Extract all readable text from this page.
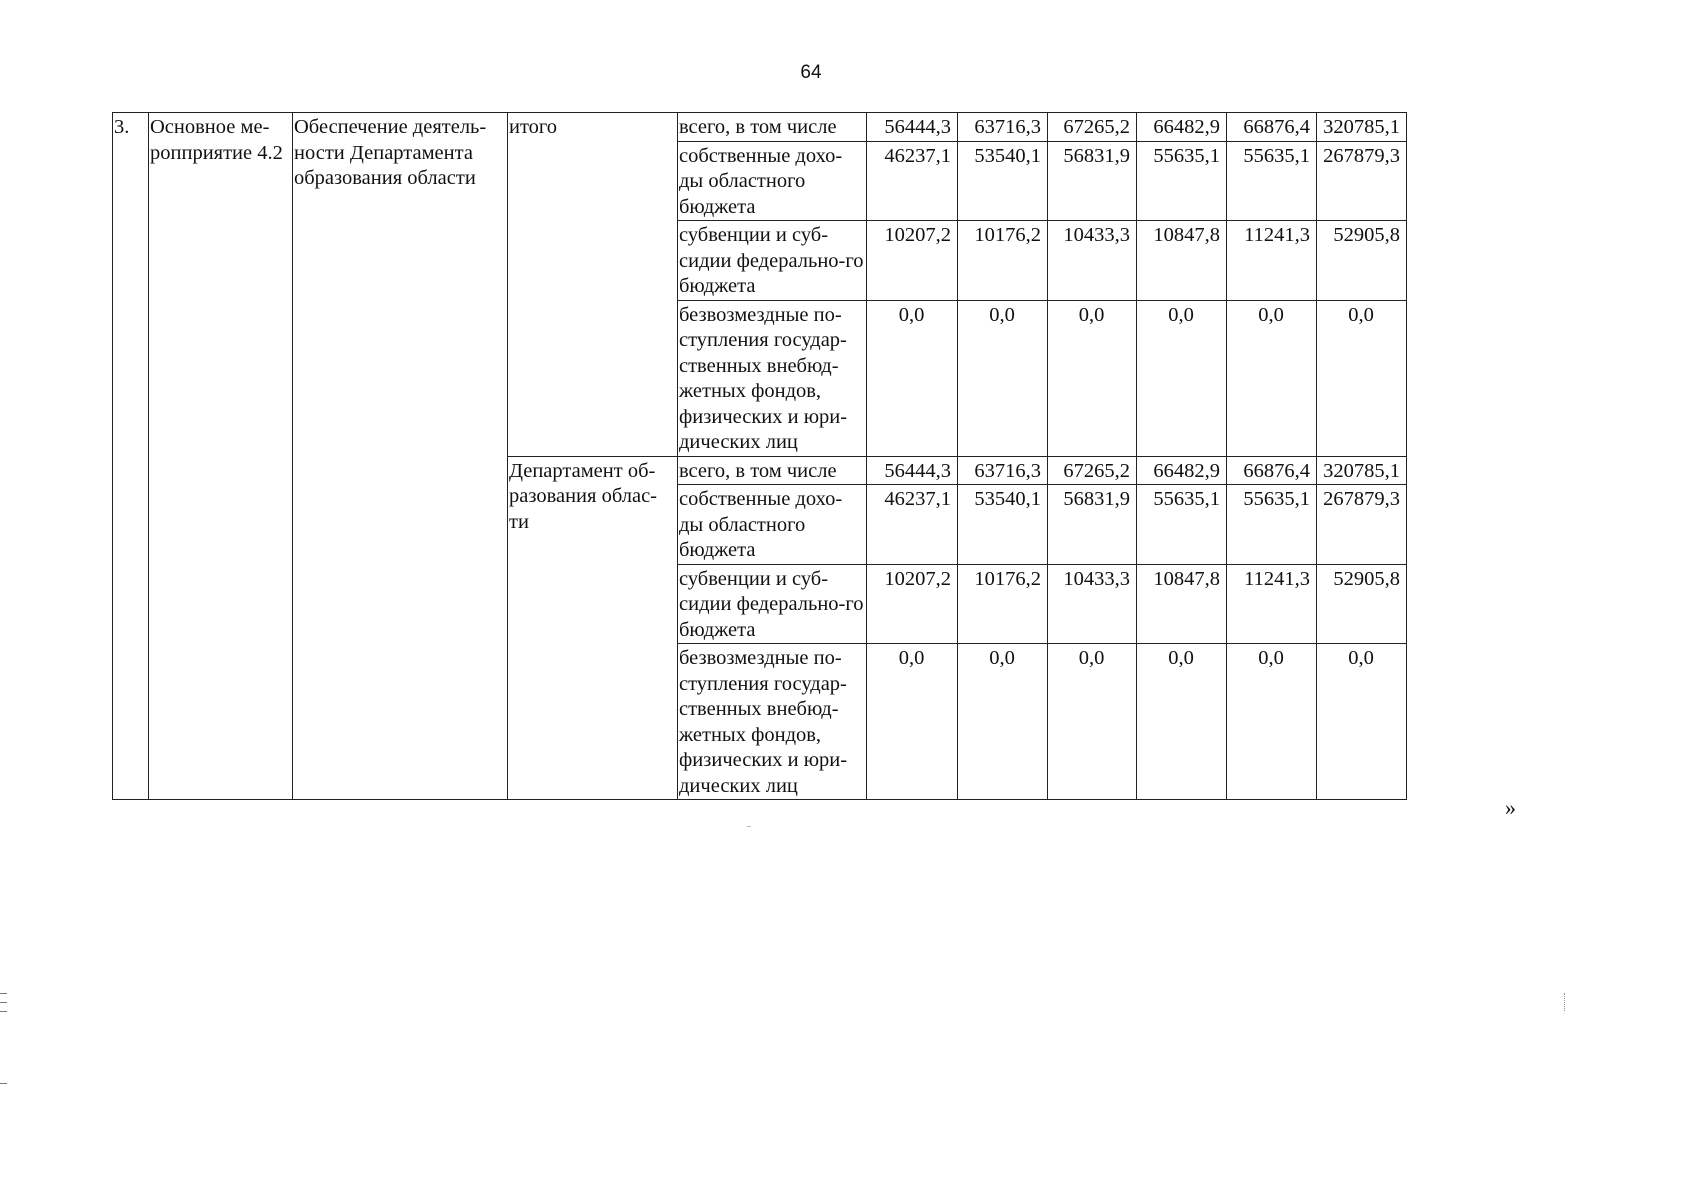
64
3.	Основное ме-ропприятие 4.2	Обеспечение деятель-ности Департамента образования области	итого	всего, в том числе	56444,3	63716,3	67265,2	66482,9	66876,4	320785,1
				собственные дохо-ды областного бюджета	46237,1	53540,1	56831,9	55635,1	55635,1	267879,3
				субвенции и суб-сидии федерально-го бюджета	10207,2	10176,2	10433,3	10847,8	11241,3	52905,8
				безвозмездные по-ступления государ-ственных внебюд-жетных фондов, физических и юри-дических лиц	0,0	0,0	0,0	0,0	0,0	0,0
			Департамент об-разования облас-ти	всего, в том числе	56444,3	63716,3	67265,2	66482,9	66876,4	320785,1
				собственные дохо-ды областного бюджета	46237,1	53540,1	56831,9	55635,1	55635,1	267879,3
				субвенции и суб-сидии федерально-го бюджета	10207,2	10176,2	10433,3	10847,8	11241,3	52905,8
				безвозмездные по-ступления государ-ственных внебюд-жетных фондов, физических и юри-дических лиц	0,0	0,0	0,0	0,0	0,0	0,0
»
